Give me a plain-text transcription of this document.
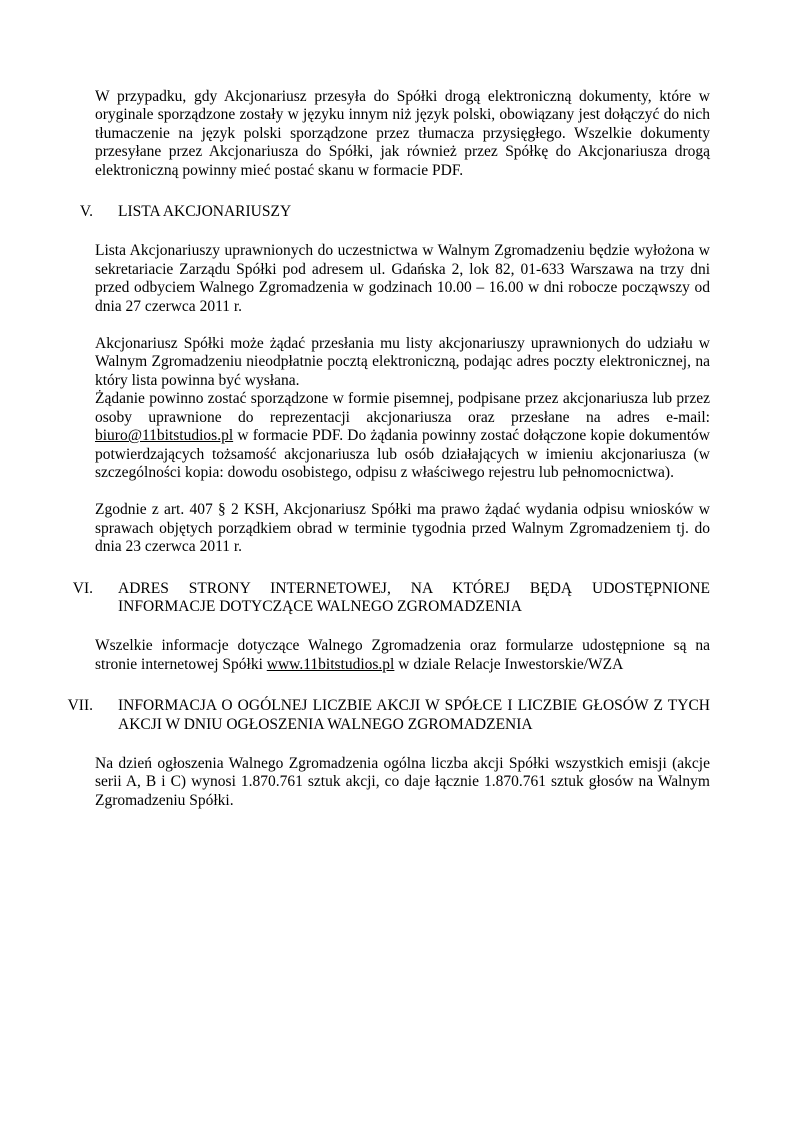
W przypadku, gdy Akcjonariusz przesyła do Spółki drogą elektroniczną dokumenty, które w oryginale sporządzone zostały w języku innym niż język polski, obowiązany jest dołączyć do nich tłumaczenie na język polski sporządzone przez tłumacza przysięgłego. Wszelkie dokumenty przesyłane przez Akcjonariusza do Spółki, jak również przez Spółkę do Akcjonariusza drogą elektroniczną powinny mieć postać skanu w formacie PDF.

V.	LISTA AKCJONARIUSZY

Lista Akcjonariuszy uprawnionych do uczestnictwa w Walnym Zgromadzeniu będzie wyłożona w sekretariacie Zarządu Spółki pod adresem ul. Gdańska 2, lok 82, 01-633 Warszawa na trzy dni przed odbyciem Walnego Zgromadzenia w godzinach 10.00 – 16.00 w dni robocze począwszy od dnia 27 czerwca 2011 r.

Akcjonariusz Spółki może żądać przesłania mu listy akcjonariuszy uprawnionych do udziału w Walnym Zgromadzeniu nieodpłatnie pocztą elektroniczną, podając adres poczty elektronicznej, na który lista powinna być wysłana.

Żądanie powinno zostać sporządzone w formie pisemnej, podpisane przez akcjonariusza lub przez osoby uprawnione do reprezentacji akcjonariusza oraz przesłane na adres e-mail: biuro@11bitstudios.pl w formacie PDF. Do żądania powinny zostać dołączone kopie dokumentów potwierdzających tożsamość akcjonariusza lub osób działających w imieniu akcjonariusza (w szczególności kopia: dowodu osobistego, odpisu z właściwego rejestru lub pełnomocnictwa).

Zgodnie z art. 407 § 2 KSH, Akcjonariusz Spółki ma prawo żądać wydania odpisu wniosków w sprawach objętych porządkiem obrad w terminie tygodnia przed Walnym Zgromadzeniem tj. do dnia 23 czerwca 2011 r.

VI.	ADRES STRONY INTERNETOWEJ, NA KTÓREJ BĘDĄ UDOSTĘPNIONE INFORMACJE DOTYCZĄCE WALNEGO ZGROMADZENIA

Wszelkie informacje dotyczące Walnego Zgromadzenia oraz formularze udostępnione są na stronie internetowej Spółki www.11bitstudios.pl w dziale Relacje Inwestorskie/WZA

VII.	INFORMACJA O OGÓLNEJ LICZBIE AKCJI W SPÓŁCE I LICZBIE GŁOSÓW Z TYCH AKCJI W DNIU OGŁOSZENIA WALNEGO ZGROMADZENIA

Na dzień ogłoszenia Walnego Zgromadzenia ogólna liczba akcji Spółki wszystkich emisji (akcje serii A, B i C) wynosi 1.870.761 sztuk akcji, co daje łącznie 1.870.761 sztuk głosów na Walnym Zgromadzeniu Spółki.
